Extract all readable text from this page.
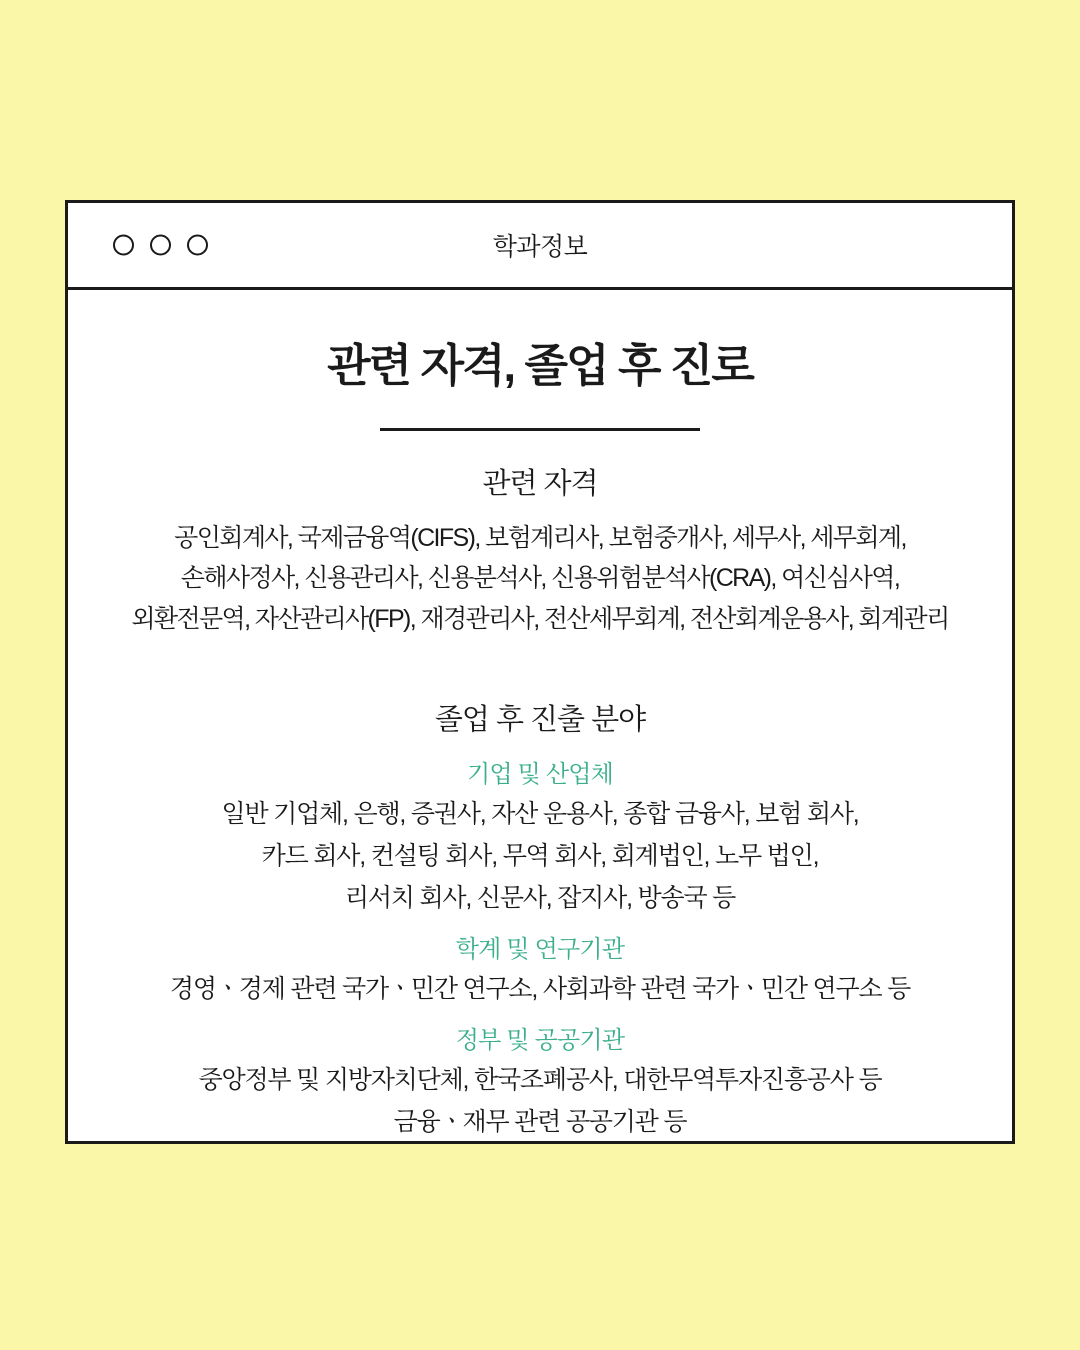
학과정보
관련 자격, 졸업 후 진로
관련 자격
공인회계사, 국제금융역(CIFS), 보험계리사, 보험중개사, 세무사, 세무회계,
손해사정사, 신용관리사, 신용분석사, 신용위험분석사(CRA), 여신심사역,
외환전문역, 자산관리사(FP), 재경관리사, 전산세무회계, 전산회계운용사, 회계관리
졸업 후 진출 분야
기업 및 산업체
일반 기업체, 은행, 증권사, 자산 운용사, 종합 금융사, 보험 회사,
카드 회사, 컨설팅 회사, 무역 회사, 회계법인, 노무 법인,
리서치 회사, 신문사, 잡지사, 방송국 등
학계 및 연구기관
경영ㆍ경제 관련 국가ㆍ민간 연구소, 사회과학 관련 국가ㆍ민간 연구소 등
정부 및 공공기관
중앙정부 및 지방자치단체, 한국조폐공사, 대한무역투자진흥공사 등
금융ㆍ재무 관련 공공기관 등
